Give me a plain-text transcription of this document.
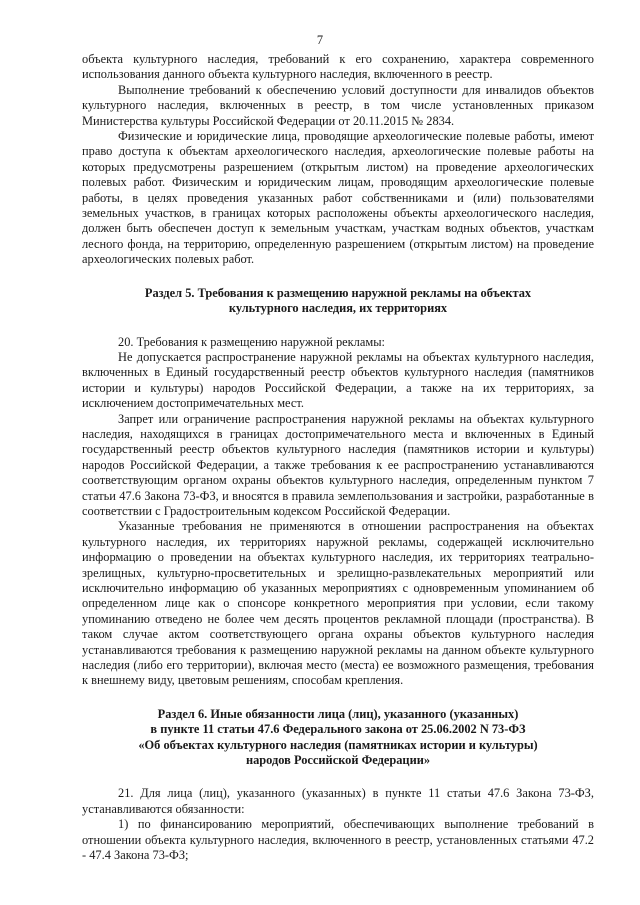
7

объекта культурного наследия, требований к его сохранению, характера современного использования данного объекта культурного наследия, включенного в реестр.

Выполнение требований к обеспечению условий доступности для инвалидов объектов культурного наследия, включенных в реестр, в том числе установленных приказом Министерства культуры Российской Федерации от 20.11.2015 № 2834.

Физические и юридические лица, проводящие археологические полевые работы, имеют право доступа к объектам археологического наследия, археологические полевые работы на которых предусмотрены разрешением (открытым листом) на проведение археологических полевых работ. Физическим и юридическим лицам, проводящим археологические полевые работы, в целях проведения указанных работ собственниками и (или) пользователями земельных участков, в границах которых расположены объекты археологического наследия, должен быть обеспечен доступ к земельным участкам, участкам водных объектов, участкам лесного фонда, на территорию, определенную разрешением (открытым листом) на проведение археологических полевых работ.

Раздел 5. Требования к размещению наружной рекламы на объектах
культурного наследия, их территориях

20. Требования к размещению наружной рекламы:

Не допускается распространение наружной рекламы на объектах культурного наследия, включенных в Единый государственный реестр объектов культурного наследия (памятников истории и культуры) народов Российской Федерации, а также на их территориях, за исключением достопримечательных мест.

Запрет или ограничение распространения наружной рекламы на объектах культурного наследия, находящихся в границах достопримечательного места и включенных в Единый государственный реестр объектов культурного наследия (памятников истории и культуры) народов Российской Федерации, а также требования к ее распространению устанавливаются соответствующим органом охраны объектов культурного наследия, определенным пунктом 7 статьи 47.6 Закона 73-ФЗ, и вносятся в правила землепользования и застройки, разработанные в соответствии с Градостроительным кодексом Российской Федерации.

Указанные требования не применяются в отношении распространения на объектах культурного наследия, их территориях наружной рекламы, содержащей исключительно информацию о проведении на объектах культурного наследия, их территориях театрально-зрелищных, культурно-просветительных и зрелищно-развлекательных мероприятий или исключительно информацию об указанных мероприятиях с одновременным упоминанием об определенном лице как о спонсоре конкретного мероприятия при условии, если такому упоминанию отведено не более чем десять процентов рекламной площади (пространства). В таком случае актом соответствующего органа охраны объектов культурного наследия устанавливаются требования к размещению наружной рекламы на данном объекте культурного наследия (либо его территории), включая место (места) ее возможного размещения, требования к внешнему виду, цветовым решениям, способам крепления.

Раздел 6. Иные обязанности лица (лиц), указанного (указанных)
в пункте 11 статьи 47.6 Федерального закона от 25.06.2002 N 73-ФЗ
«Об объектах культурного наследия (памятниках истории и культуры)
народов Российской Федерации»

21. Для лица (лиц), указанного (указанных) в пункте 11 статьи 47.6 Закона 73-ФЗ, устанавливаются обязанности:

1) по финансированию мероприятий, обеспечивающих выполнение требований в отношении объекта культурного наследия, включенного в реестр, установленных статьями 47.2 - 47.4 Закона 73-ФЗ;
